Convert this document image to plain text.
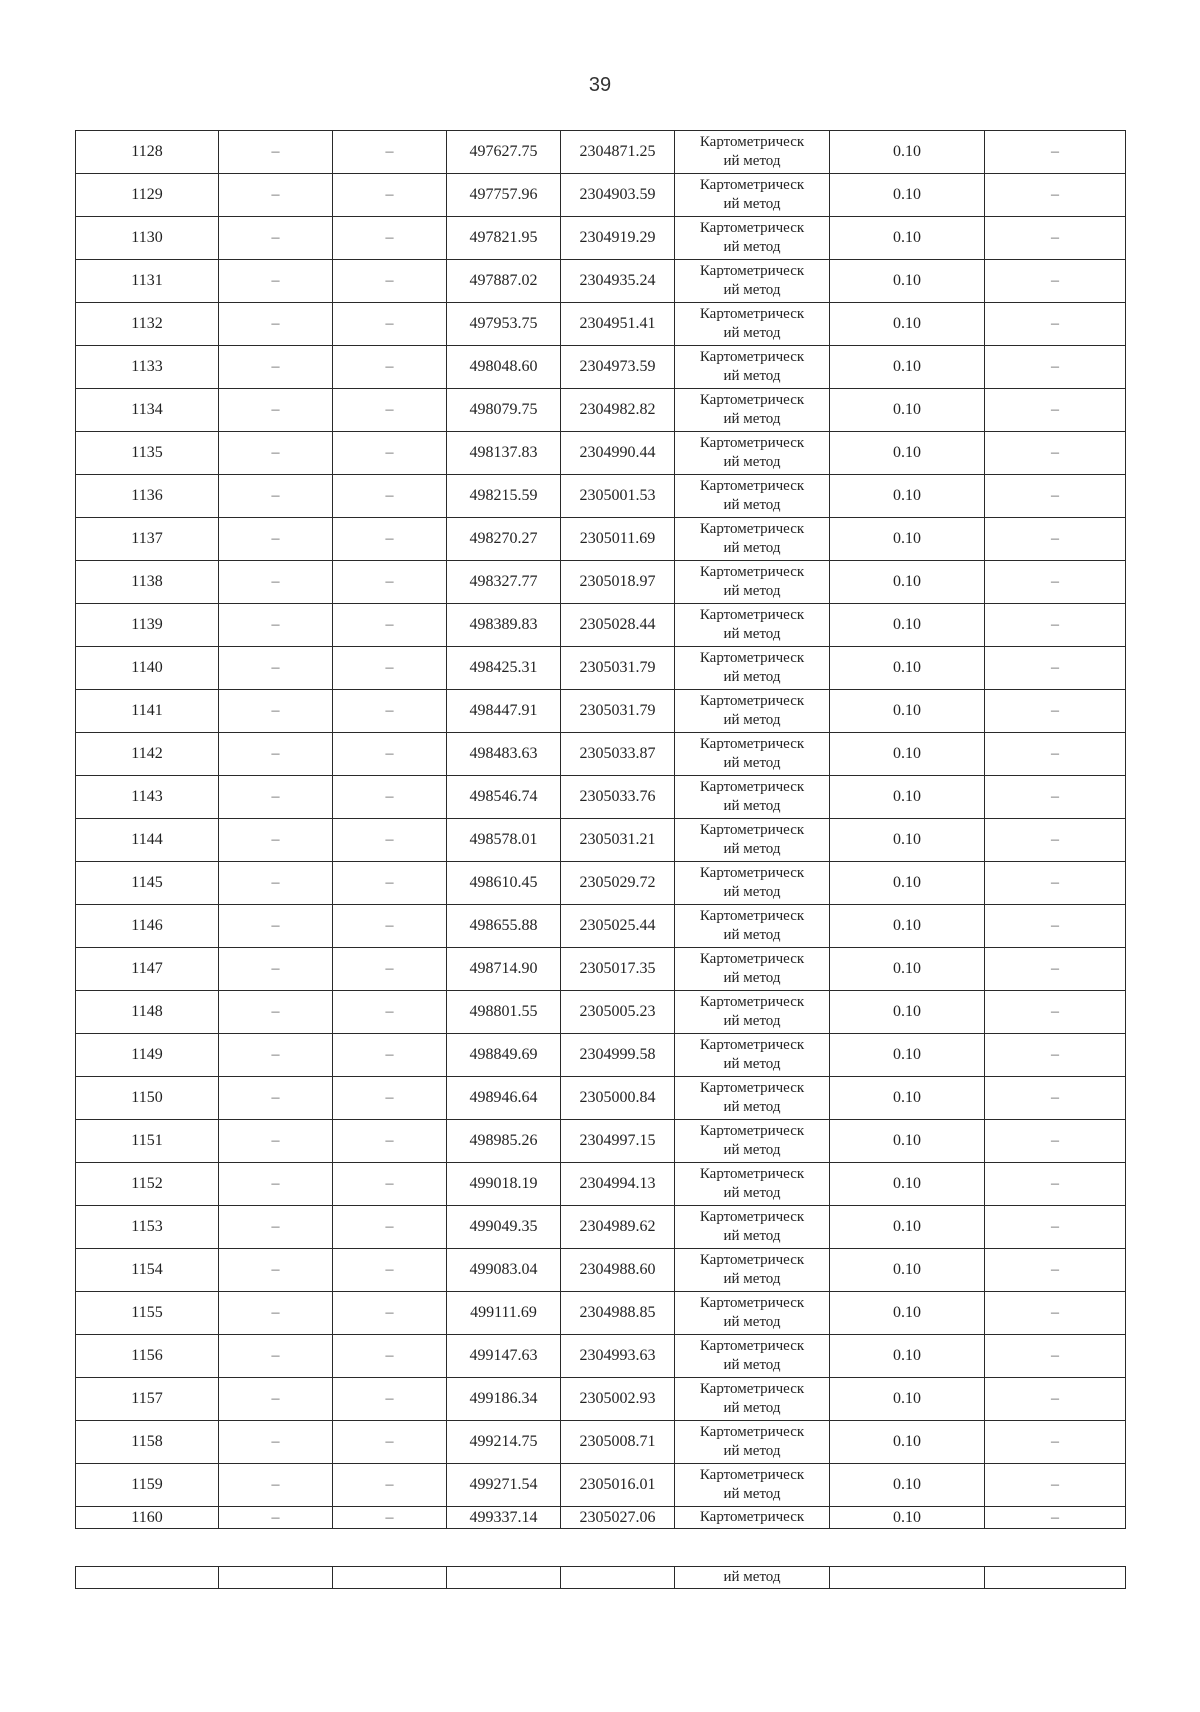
39
1128	–	–	497627.75	2304871.25	Картометрическ
ий метод	0.10	–
1129	–	–	497757.96	2304903.59	Картометрическ
ий метод	0.10	–
1130	–	–	497821.95	2304919.29	Картометрическ
ий метод	0.10	–
1131	–	–	497887.02	2304935.24	Картометрическ
ий метод	0.10	–
1132	–	–	497953.75	2304951.41	Картометрическ
ий метод	0.10	–
1133	–	–	498048.60	2304973.59	Картометрическ
ий метод	0.10	–
1134	–	–	498079.75	2304982.82	Картометрическ
ий метод	0.10	–
1135	–	–	498137.83	2304990.44	Картометрическ
ий метод	0.10	–
1136	–	–	498215.59	2305001.53	Картометрическ
ий метод	0.10	–
1137	–	–	498270.27	2305011.69	Картометрическ
ий метод	0.10	–
1138	–	–	498327.77	2305018.97	Картометрическ
ий метод	0.10	–
1139	–	–	498389.83	2305028.44	Картометрическ
ий метод	0.10	–
1140	–	–	498425.31	2305031.79	Картометрическ
ий метод	0.10	–
1141	–	–	498447.91	2305031.79	Картометрическ
ий метод	0.10	–
1142	–	–	498483.63	2305033.87	Картометрическ
ий метод	0.10	–
1143	–	–	498546.74	2305033.76	Картометрическ
ий метод	0.10	–
1144	–	–	498578.01	2305031.21	Картометрическ
ий метод	0.10	–
1145	–	–	498610.45	2305029.72	Картометрическ
ий метод	0.10	–
1146	–	–	498655.88	2305025.44	Картометрическ
ий метод	0.10	–
1147	–	–	498714.90	2305017.35	Картометрическ
ий метод	0.10	–
1148	–	–	498801.55	2305005.23	Картометрическ
ий метод	0.10	–
1149	–	–	498849.69	2304999.58	Картометрическ
ий метод	0.10	–
1150	–	–	498946.64	2305000.84	Картометрическ
ий метод	0.10	–
1151	–	–	498985.26	2304997.15	Картометрическ
ий метод	0.10	–
1152	–	–	499018.19	2304994.13	Картометрическ
ий метод	0.10	–
1153	–	–	499049.35	2304989.62	Картометрическ
ий метод	0.10	–
1154	–	–	499083.04	2304988.60	Картометрическ
ий метод	0.10	–
1155	–	–	499111.69	2304988.85	Картометрическ
ий метод	0.10	–
1156	–	–	499147.63	2304993.63	Картометрическ
ий метод	0.10	–
1157	–	–	499186.34	2305002.93	Картометрическ
ий метод	0.10	–
1158	–	–	499214.75	2305008.71	Картометрическ
ий метод	0.10	–
1159	–	–	499271.54	2305016.01	Картометрическ
ий метод	0.10	–
1160	–	–	499337.14	2305027.06	Картометрическ	0.10	–
					ий метод		
